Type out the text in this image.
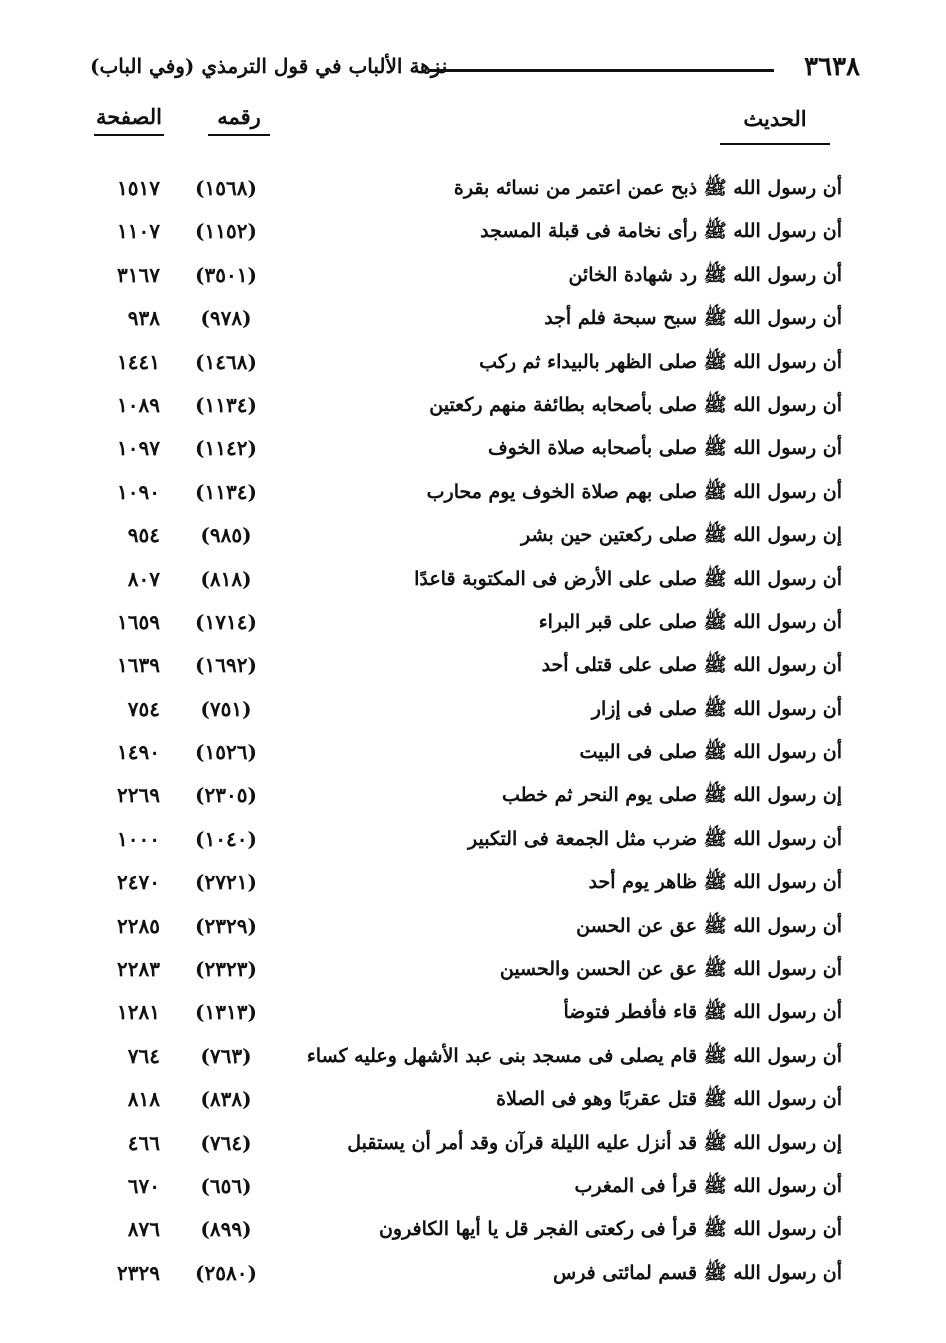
٣٦٣٨
نزهة الألباب في قول الترمذي (وفي الباب)
الحديث
رقمه
الصفحة
أن رسول الله ﷺ ذبح عمن اعتمر من نسائه بقرة
(١٥٦٨)
١٥١٧
أن رسول الله ﷺ رأى نخامة فى قبلة المسجد
(١١٥٢)
١١٠٧
أن رسول الله ﷺ رد شهادة الخائن
(٣٥٠١)
٣١٦٧
أن رسول الله ﷺ سبح سبحة فلم أجد
(٩٧٨)
٩٣٨
أن رسول الله ﷺ صلى الظهر بالبيداء ثم ركب
(١٤٦٨)
١٤٤١
أن رسول الله ﷺ صلى بأصحابه بطائفة منهم ركعتين
(١١٣٤)
١٠٨٩
أن رسول الله ﷺ صلى بأصحابه صلاة الخوف
(١١٤٢)
١٠٩٧
أن رسول الله ﷺ صلى بهم صلاة الخوف يوم محارب
(١١٣٤)
١٠٩٠
إن رسول الله ﷺ صلى ركعتين حين بشر
(٩٨٥)
٩٥٤
أن رسول الله ﷺ صلى على الأرض فى المكتوبة قاعدًا
(٨١٨)
٨٠٧
أن رسول الله ﷺ صلى على قبر البراء
(١٧١٤)
١٦٥٩
أن رسول الله ﷺ صلى على قتلى أحد
(١٦٩٢)
١٦٣٩
أن رسول الله ﷺ صلى فى إزار
(٧٥١)
٧٥٤
أن رسول الله ﷺ صلى فى البيت
(١٥٢٦)
١٤٩٠
إن رسول الله ﷺ صلى يوم النحر ثم خطب
(٢٣٠٥)
٢٢٦٩
أن رسول الله ﷺ ضرب مثل الجمعة فى التكبير
(١٠٤٠)
١٠٠٠
أن رسول الله ﷺ ظاهر يوم أحد
(٢٧٢١)
٢٤٧٠
أن رسول الله ﷺ عق عن الحسن
(٢٣٢٩)
٢٢٨٥
أن رسول الله ﷺ عق عن الحسن والحسين
(٢٣٢٣)
٢٢٨٣
أن رسول الله ﷺ قاء فأفطر فتوضأ
(١٣١٣)
١٢٨١
أن رسول الله ﷺ قام يصلى فى مسجد بنى عبد الأشهل وعليه كساء
(٧٦٣)
٧٦٤
أن رسول الله ﷺ قتل عقربًا وهو فى الصلاة
(٨٣٨)
٨١٨
إن رسول الله ﷺ قد أنزل عليه الليلة قرآن وقد أمر أن يستقبل
(٧٦٤)
٤٦٦
أن رسول الله ﷺ قرأ فى المغرب
(٦٥٦)
٦٧٠
أن رسول الله ﷺ قرأ فى ركعتى الفجر قل يا أيها الكافرون
(٨٩٩)
٨٧٦
أن رسول الله ﷺ قسم لمائتى فرس
(٢٥٨٠)
٢٣٢٩
